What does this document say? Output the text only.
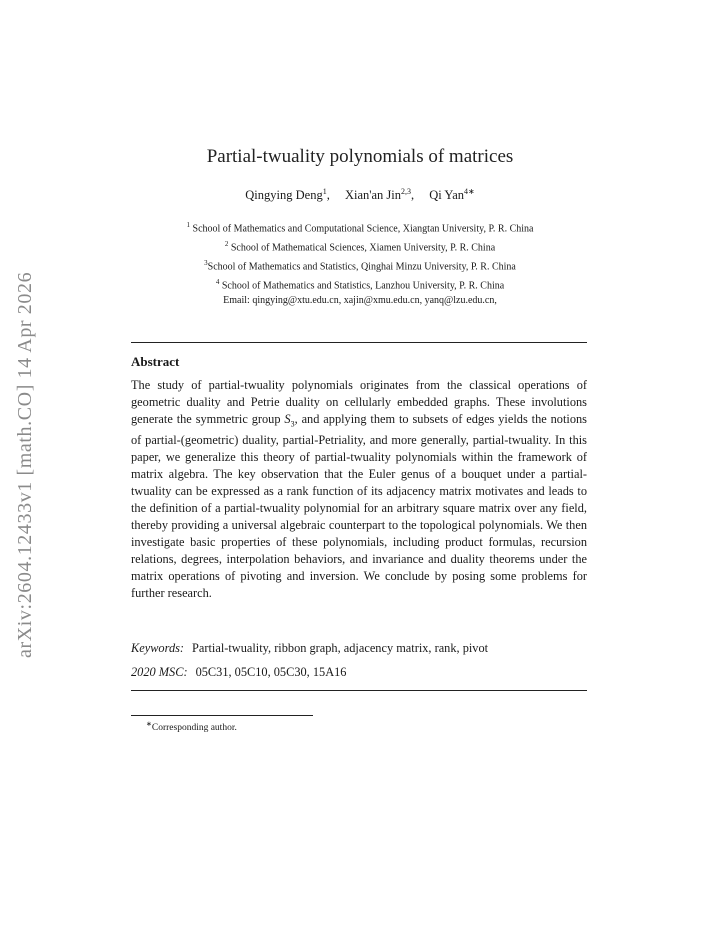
arXiv:2604.12433v1 [math.CO] 14 Apr 2026
Partial-twuality polynomials of matrices
Qingying Deng$^1$, Xian'an Jin$^{2,3}$, Qi Yan$^{4∗}$
$^1$ School of Mathematics and Computational Science, Xiangtan University, P. R. China
$^2$ School of Mathematical Sciences, Xiamen University, P. R. China
$^3$School of Mathematics and Statistics, Qinghai Minzu University, P. R. China
$^4$ School of Mathematics and Statistics, Lanzhou University, P. R. China
Email: qingying@xtu.edu.cn, xajin@xmu.edu.cn, yanq@lzu.edu.cn,
Abstract
The study of partial-twuality polynomials originates from the classical operations of geometric duality and Petrie duality on cellularly embedded graphs. These involutions generate the symmetric group $S_3$, and applying them to subsets of edges yields the notions of partial-(geometric) duality, partial-Petriality, and more generally, partial-twuality. In this paper, we generalize this theory of partial-twuality polynomials within the framework of matrix algebra. The key observation that the Euler genus of a bouquet under a partial-twuality can be expressed as a rank function of its adjacency matrix motivates and leads to the definition of a partial-twuality polynomial for an arbitrary square matrix over any field, thereby providing a universal algebraic counterpart to the topological polynomials. We then investigate basic properties of these polynomials, including product formulas, recursion relations, degrees, interpolation behaviors, and invariance and duality theorems under the matrix operations of pivoting and inversion. We conclude by posing some problems for further research.
Keywords: Partial-twuality, ribbon graph, adjacency matrix, rank, pivot
2020 MSC: 05C31, 05C10, 05C30, 15A16
∗Corresponding author.
